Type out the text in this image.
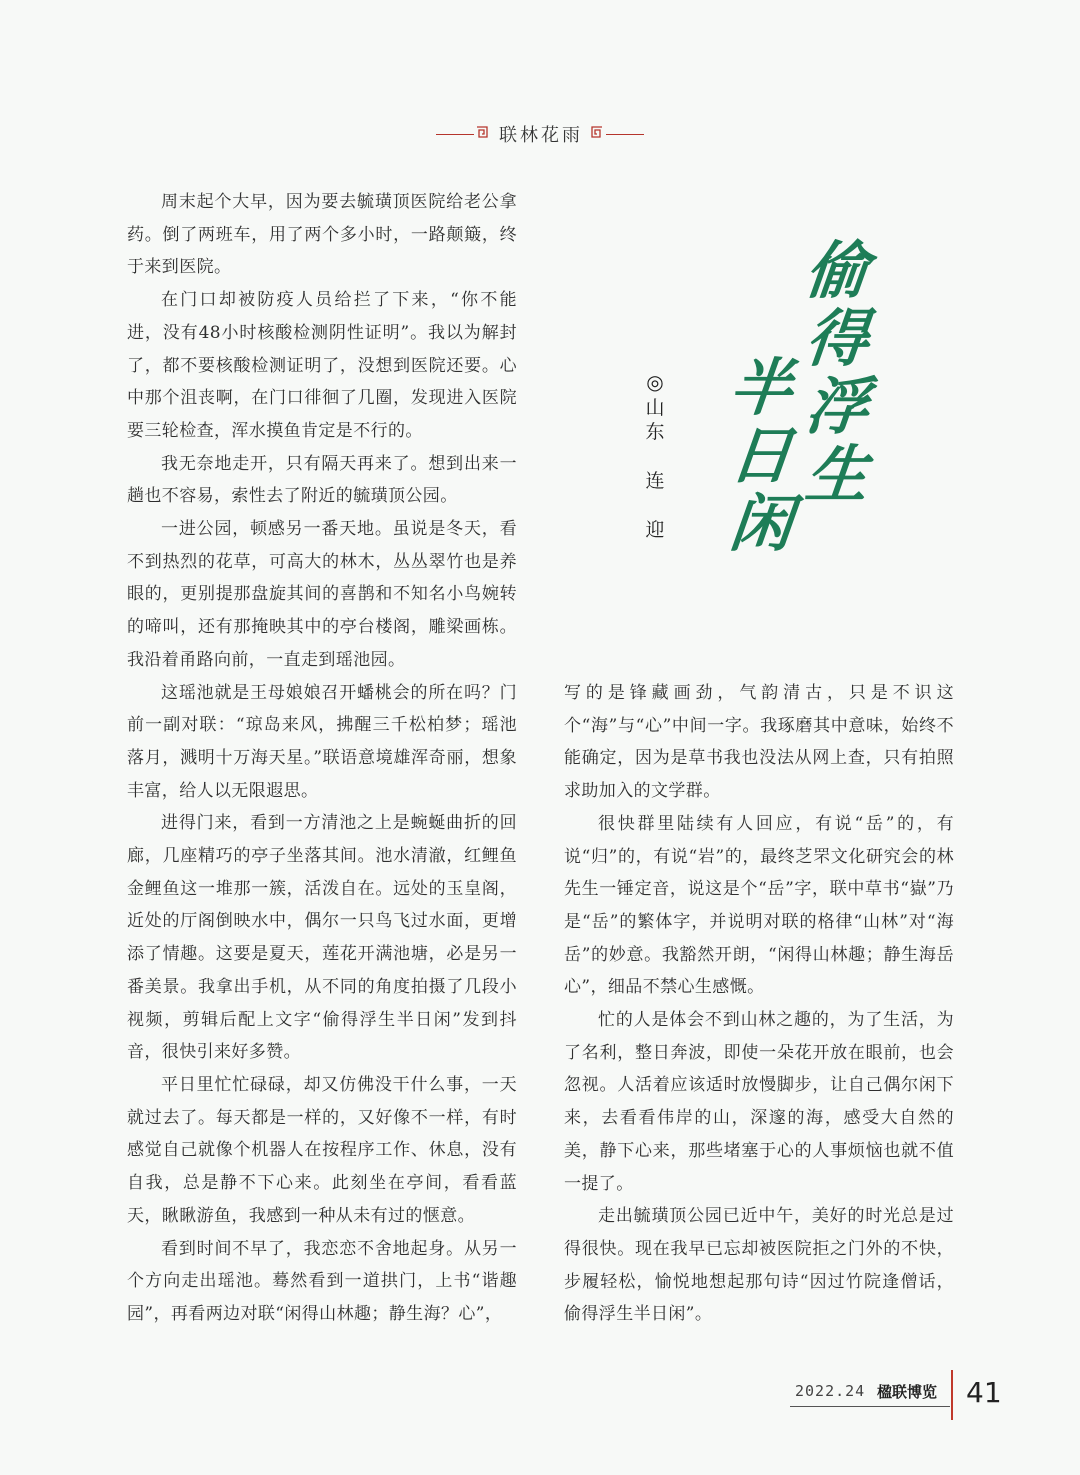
联林花雨

周末起个大早，因为要去毓璜顶医院给老公拿药。倒了两班车，用了两个多小时，一路颠簸，终于来到医院。

在门口却被防疫人员给拦了下来，“你不能进，没有48小时核酸检测阴性证明”。我以为解封了，都不要核酸检测证明了，没想到医院还要。心中那个沮丧啊，在门口徘徊了几圈，发现进入医院要三轮检查，浑水摸鱼肯定是不行的。

我无奈地走开，只有隔天再来了。想到出来一趟也不容易，索性去了附近的毓璜顶公园。

一进公园，顿感另一番天地。虽说是冬天，看不到热烈的花草，可高大的林木，丛丛翠竹也是养眼的，更别提那盘旋其间的喜鹊和不知名小鸟婉转的啼叫，还有那掩映其中的亭台楼阁，雕梁画栋。我沿着甬路向前，一直走到瑶池园。

这瑶池就是王母娘娘召开蟠桃会的所在吗？门前一副对联：“琼岛来风，拂醒三千松柏梦；瑶池落月，溅明十万海天星。”联语意境雄浑奇丽，想象丰富，给人以无限遐思。

进得门来，看到一方清池之上是蜿蜒曲折的回廊，几座精巧的亭子坐落其间。池水清澈，红鲤鱼金鲤鱼这一堆那一簇，活泼自在。远处的玉皇阁，近处的厅阁倒映水中，偶尔一只鸟飞过水面，更增添了情趣。这要是夏天，莲花开满池塘，必是另一番美景。我拿出手机，从不同的角度拍摄了几段小视频，剪辑后配上文字“偷得浮生半日闲”发到抖音，很快引来好多赞。

平日里忙忙碌碌，却又仿佛没干什么事，一天就过去了。每天都是一样的，又好像不一样，有时感觉自己就像个机器人在按程序工作、休息，没有自我，总是静不下心来。此刻坐在亭间，看看蓝天，瞅瞅游鱼，我感到一种从未有过的惬意。

看到时间不早了，我恋恋不舍地起身。从另一个方向走出瑶池。蓦然看到一道拱门，上书“谐趣园”，再看两边对联“闲得山林趣；静生海？心”，

偷
得
浮
生
半
日
闲
◎
山
东
连
迎

写的是锋藏画劲，气韵清古，只是不识这个“海”与“心”中间一字。我琢磨其中意味，始终不能确定，因为是草书我也没法从网上查，只有拍照求助加入的文学群。

很快群里陆续有人回应，有说“岳”的，有说“归”的，有说“岩”的，最终芝罘文化研究会的林先生一锤定音，说这是个“岳”字，联中草书“嶽”乃是“岳”的繁体字，并说明对联的格律“山林”对“海岳”的妙意。我豁然开朗，“闲得山林趣；静生海岳心”，细品不禁心生感慨。

忙的人是体会不到山林之趣的，为了生活，为了名利，整日奔波，即使一朵花开放在眼前，也会忽视。人活着应该适时放慢脚步，让自己偶尔闲下来，去看看伟岸的山，深邃的海，感受大自然的美，静下心来，那些堵塞于心的人事烦恼也就不值一提了。

走出毓璜顶公园已近中午，美好的时光总是过得很快。现在我早已忘却被医院拒之门外的不快，步履轻松，愉悦地想起那句诗“因过竹院逢僧话，偷得浮生半日闲”。

2022.24 楹联博览 41
